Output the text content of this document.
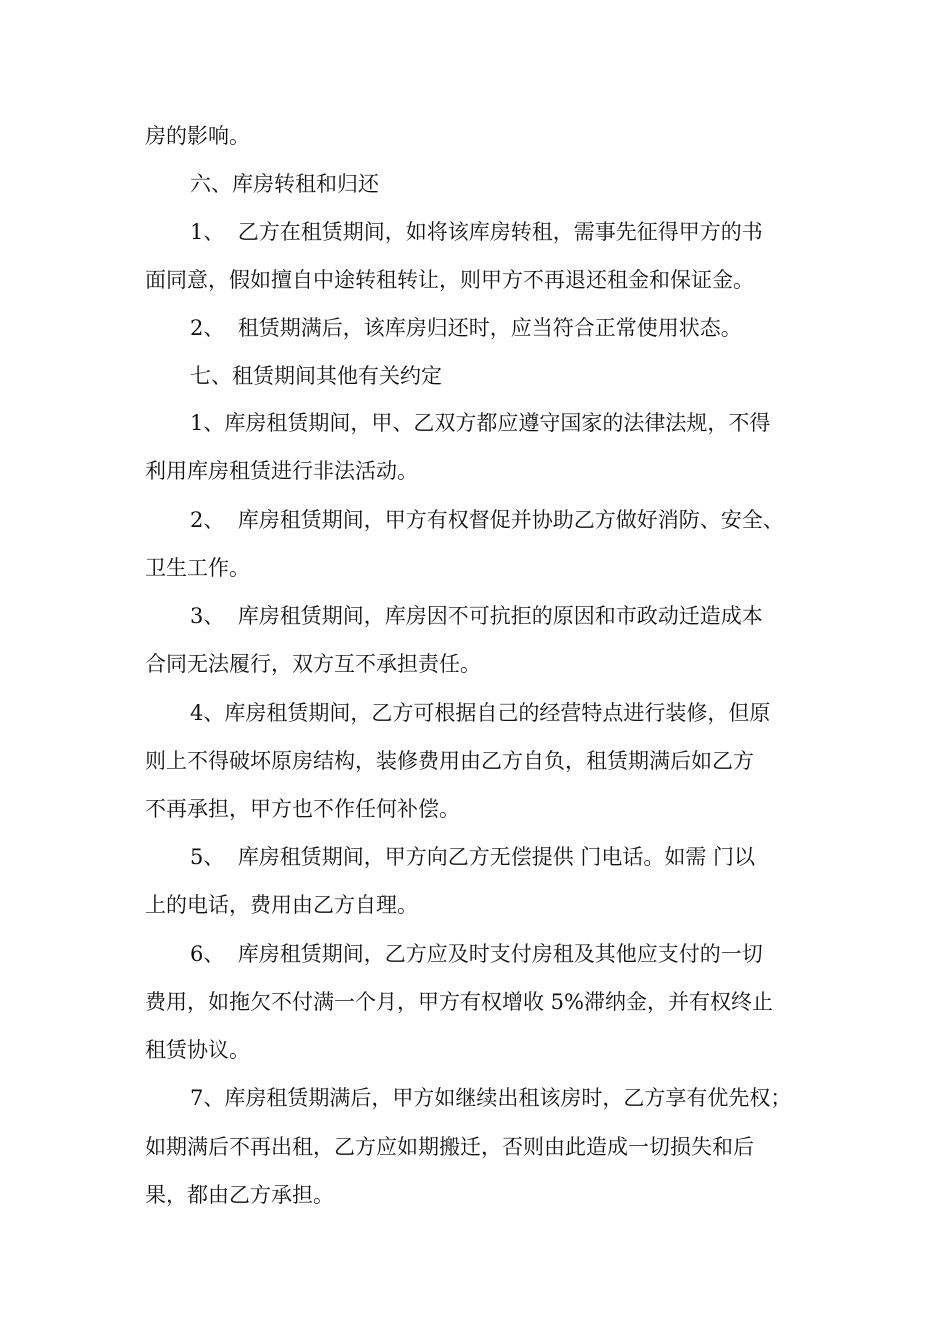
房的影响。
六、库房转租和归还
1、  乙方在租赁期间，如将该库房转租，需事先征得甲方的书
面同意，假如擅自中途转租转让，则甲方不再退还租金和保证金。
2、  租赁期满后，该库房归还时，应当符合正常使用状态。
七、租赁期间其他有关约定
1、库房租赁期间，甲、乙双方都应遵守国家的法律法规，不得
利用库房租赁进行非法活动。
2、  库房租赁期间，甲方有权督促并协助乙方做好消防、安全、
卫生工作。
3、  库房租赁期间，库房因不可抗拒的原因和市政动迁造成本
合同无法履行，双方互不承担责任。
4、库房租赁期间，乙方可根据自己的经营特点进行装修，但原
则上不得破坏原房结构，装修费用由乙方自负，租赁期满后如乙方
不再承担，甲方也不作任何补偿。
5、  库房租赁期间，甲方向乙方无偿提供 门电话。如需 门以
上的电话，费用由乙方自理。
6、  库房租赁期间，乙方应及时支付房租及其他应支付的一切
费用，如拖欠不付满一个月，甲方有权增收 5%滞纳金，并有权终止
租赁协议。
7、库房租赁期满后，甲方如继续出租该房时，乙方享有优先权；
如期满后不再出租，乙方应如期搬迁，否则由此造成一切损失和后
果，都由乙方承担。
